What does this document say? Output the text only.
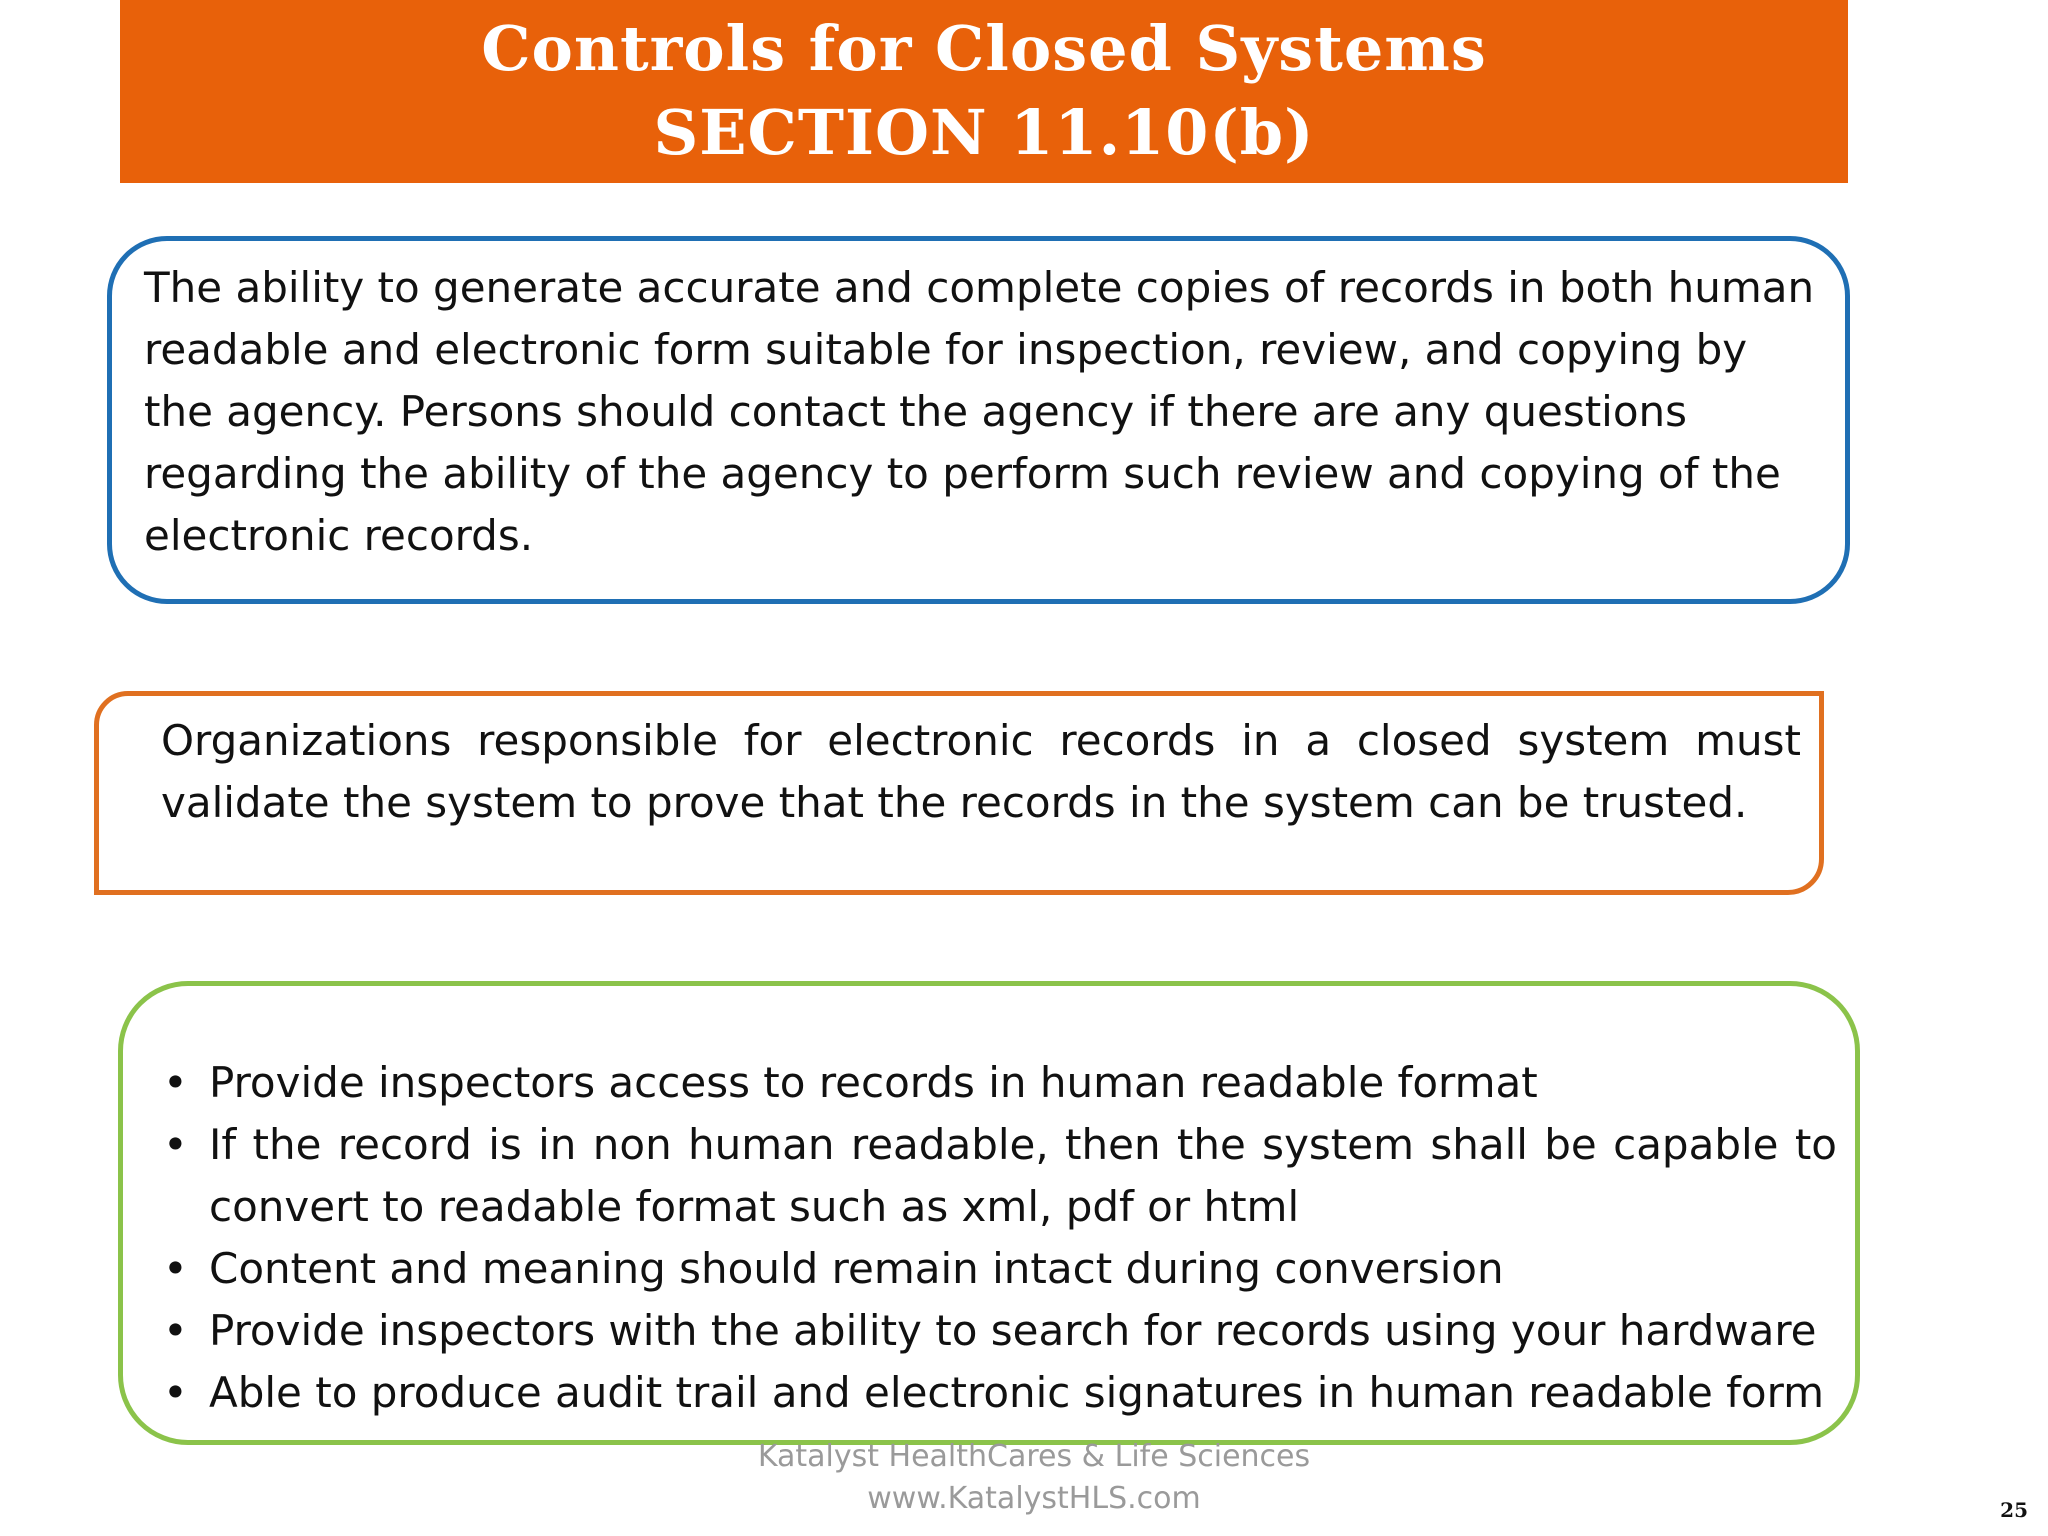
Controls for Closed Systems
SECTION 11.10(b)
The ability to generate accurate and complete copies of records in both human readable and electronic form suitable for inspection, review, and copying by the agency. Persons should contact the agency if there are any questions regarding the ability of the agency to perform such review and copying of the electronic records.
Organizations responsible for electronic records in a closed system must validate the system to prove that the records in the system can be trusted.
• Provide inspectors access to records in human readable format
• If the record is in non human readable, then the system shall be capable to convert to readable format such as xml, pdf or html
• Content and meaning should remain intact during conversion
• Provide inspectors with the ability to search for records using your hardware
• Able to produce audit trail and electronic signatures in human readable form
Katalyst HealthCares & Life Sciences
www.KatalystHLS.com	25
